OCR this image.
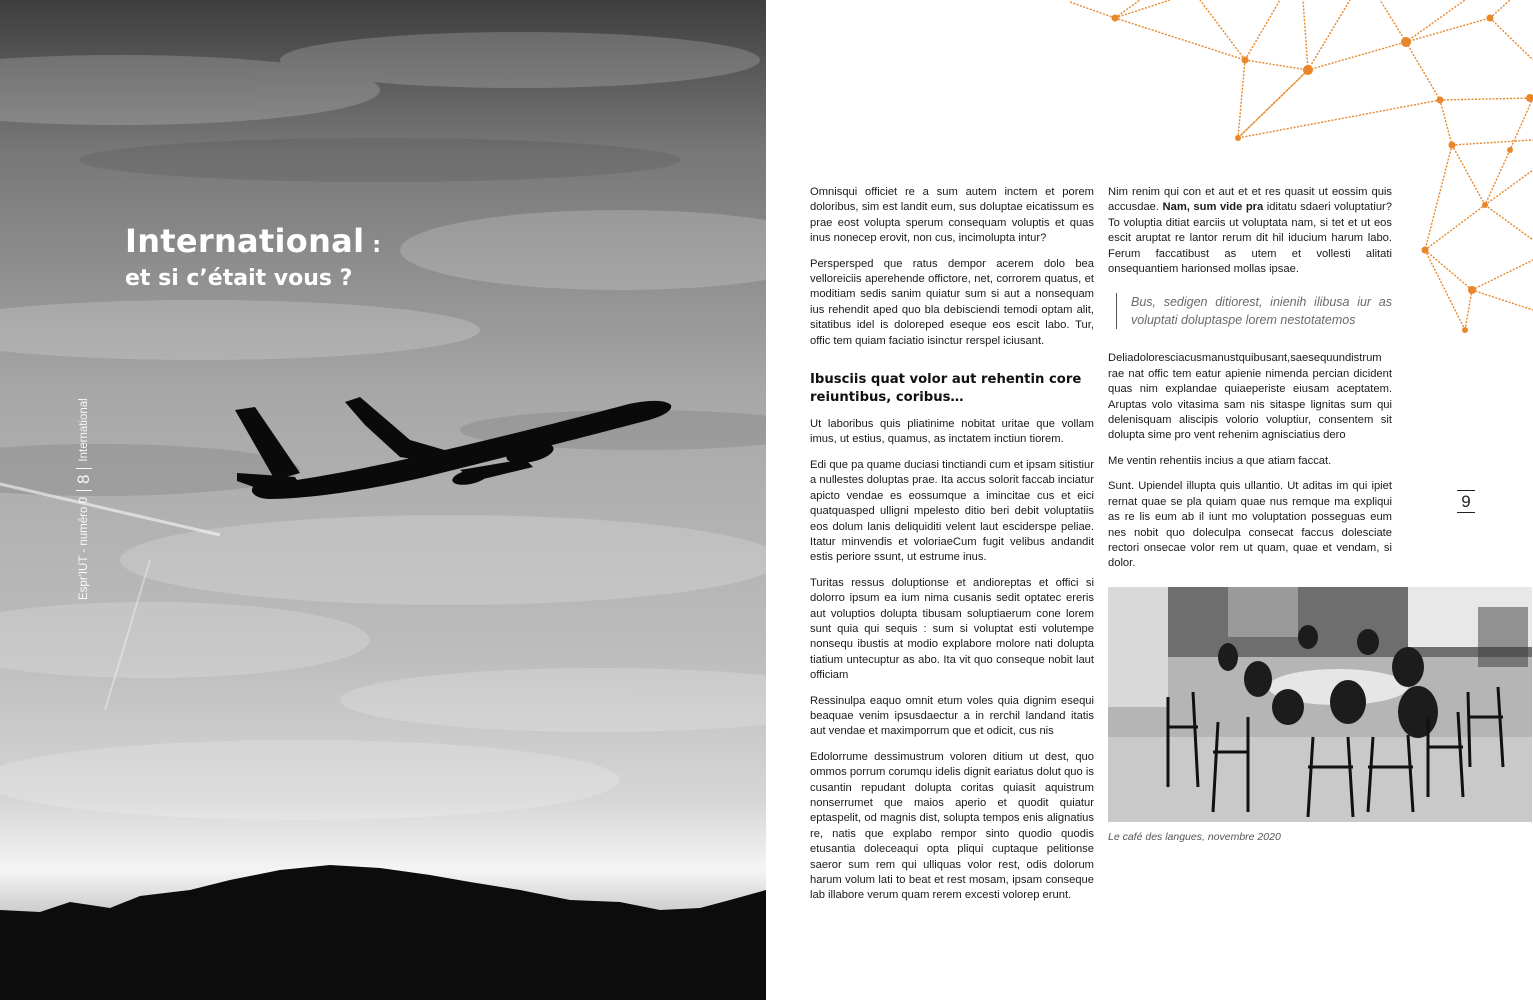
International :
et si c’était vous ?
Espr'IUT - numéro 0
8
International

Omnisqui officiet re a sum autem inctem et porem doloribus, sim est landit eum, sus doluptae eicatissum es prae eost volupta sperum consequam voluptis et quas inus nonecep erovit, non cus, incimolupta intur?

Perspersped que ratus dempor acerem dolo bea velloreiciis aperehende offictore, net, corrorem quatus, et moditiam sedis sanim quiatur sum si aut a nonsequam ius rehendit aped quo bla debisciendi temodi optam alit, sitatibus idel is doloreped eseque eos escit labo. Tur, offic tem quiam faciatio isinctur rerspel iciusant.

Ibusciis quat volor aut rehentin core reiuntibus, coribus…

Ut laboribus quis pliatinime nobitat uritae que vollam imus, ut estius, quamus, as inctatem inctiun tiorem.

Edi que pa quame duciasi tinctiandi cum et ipsam sitistiur a nullestes doluptas prae. Ita accus solorit faccab inciatur apicto vendae es eossumque a imincitae cus et eici quatquasped ulligni mpelesto ditio beri debit voluptatiis eos dolum lanis deliquiditi velent laut esciderspe peliae. Itatur minvendis et voloriaeCum fugit velibus andandit estis periore ssunt, ut estrume inus.

Turitas ressus doluptionse et andioreptas et offici si dolorro ipsum ea ium nima cusanis sedit optatec ereris aut voluptios dolupta tibusam soluptiaerum cone lorem sunt quia qui sequis : sum si voluptat esti volutempe nonsequ ibustis at modio explabore molore nati dolupta tiatium untecuptur as abo. Ita vit quo conseque nobit laut officiam

Ressinulpa eaquo omnit etum voles quia dignim esequi beaquae venim ipsusdaectur a in rerchil landand itatis aut vendae et maximporrum que et odicit, cus nis

Edolorrume dessimustrum voloren ditium ut dest, quo ommos porrum corumqu idelis dignit eariatus dolut quo is cusantin repudant dolupta coritas quiasit aquistrum nonserrumet que maios aperio et quodit quiatur eptaspelit, od magnis dist, solupta tempos enis alignatius re, natis que explabo rempor sinto quodio quodis etusantia doleceaqui opta pliqui cuptaque pelitionse saeror sum rem qui ulliquas volor rest, odis dolorum harum volum lati to beat et rest mosam, ipsam conseque lab illabore verum quam rerem excesti volorep erunt.

Nim renim qui con et aut et et res quasit ut eossim quis accusdae. Nam, sum vide pra iditatu sdaeri voluptatiur? To voluptia ditiat earciis ut voluptata nam, si tet et ut eos escit aruptat re lantor rerum dit hil iducium harum labo. Ferum faccatibust as utem et vollesti alitati onsequantiem harionsed mollas ipsae.

Bus, sedigen ditiorest, inienih ilibusa iur as voluptati doluptaspe lorem nestotatemos

Deliadoloresciacusmanustquibusant,saesequundistrum rae nat offic tem eatur apienie nimenda percian dicident quas nim explandae quiaeperiste eiusam aceptatem. Aruptas volo vitasima sam nis sitaspe lignitas sum qui delenisquam aliscipis volorio voluptiur, consentem sit dolupta sime pro vent rehenim agnisciatius dero

Me ventin rehentiis incius a que atiam faccat.

Sunt. Upiendel illupta quis ullantio. Ut aditas im qui ipiet rernat quae se pla quiam quae nus remque ma expliqui as re lis eum ab il iunt mo voluptation posseguas eum nes nobit quo doleculpa consecat faccus dolesciate rectori onsecae volor rem ut quam, quae et vendam, si dolor.

9
Le café des langues, novembre 2020
